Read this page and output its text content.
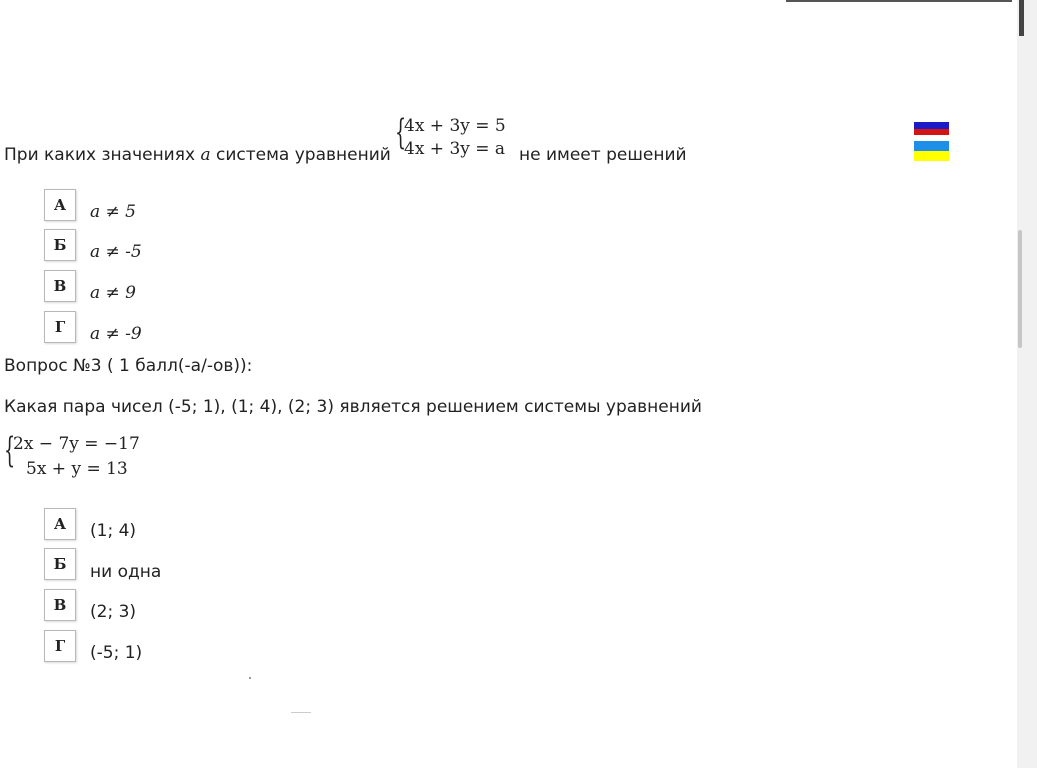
При каких значениях a система уравнений
{
4x + 3y = 5
4x + 3y = a не имеет решений
А	a ≠ 5
Б	a ≠ -5
В	a ≠ 9
Г	a ≠ -9
Вопрос №3 ( 1 балл(-а/-ов)):
Какая пара чисел (-5; 1), (1; 4), (2; 3) является решением системы уравнений
{
2x − 7y = −17
5x + y = 13
А	(1; 4)
Б	ни одна
В	(2; 3)
Г	(-5; 1)
